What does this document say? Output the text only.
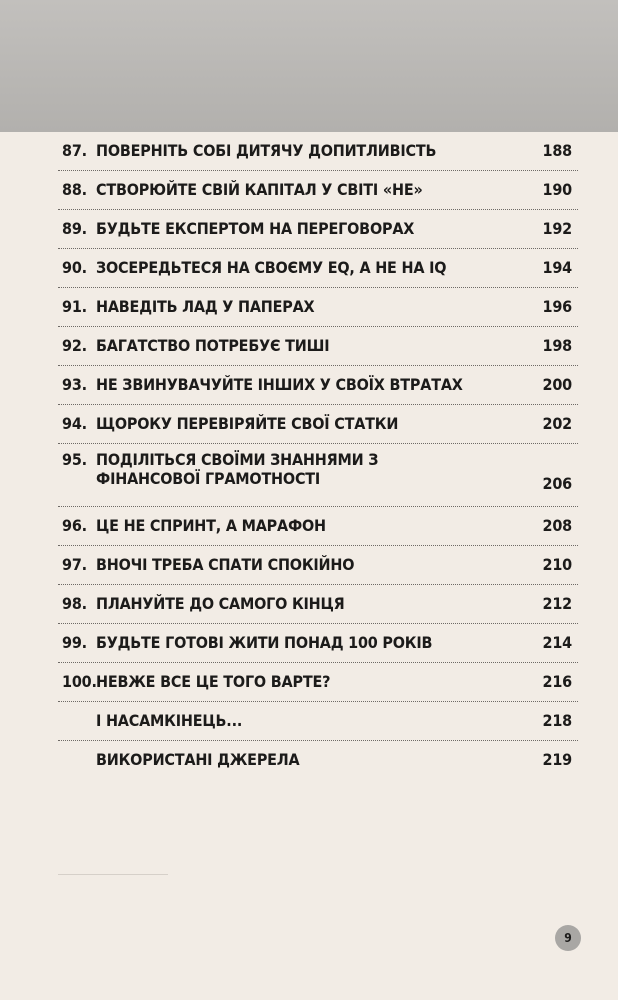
87. ПОВЕРНІТЬ СОБІ ДИТЯЧУ ДОПИТЛИВІСТЬ	188
88. СТВОРЮЙТЕ СВІЙ КАПІТАЛ У СВІТІ «НЕ»	190
89. БУДЬТЕ ЕКСПЕРТОМ НА ПЕРЕГОВОРАХ	192
90. ЗОСЕРЕДЬТЕСЯ НА СВОЄМУ EQ, А НЕ НА IQ	194
91. НАВЕДІТЬ ЛАД У ПАПЕРАХ	196
92. БАГАТСТВО ПОТРЕБУЄ ТИШІ	198
93. НЕ ЗВИНУВАЧУЙТЕ ІНШИХ У СВОЇХ ВТРАТАХ	200
94. ЩОРОКУ ПЕРЕВІРЯЙТЕ СВОЇ СТАТКИ	202
95. ПОДІЛІТЬСЯ СВОЇМИ ЗНАННЯМИ З ФІНАНСОВОЇ ГРАМОТНОСТІ	206
96. ЦЕ НЕ СПРИНТ, А МАРАФОН	208
97. ВНОЧІ ТРЕБА СПАТИ СПОКІЙНО	210
98. ПЛАНУЙТЕ ДО САМОГО КІНЦЯ	212
99. БУДЬТЕ ГОТОВІ ЖИТИ ПОНАД 100 РОКІВ	214
100. НЕВЖЕ ВСЕ ЦЕ ТОГО ВАРТЕ?	216
І НАСАМКІНЕЦЬ...	218
ВИКОРИСТАНІ ДЖЕРЕЛА	219
9
